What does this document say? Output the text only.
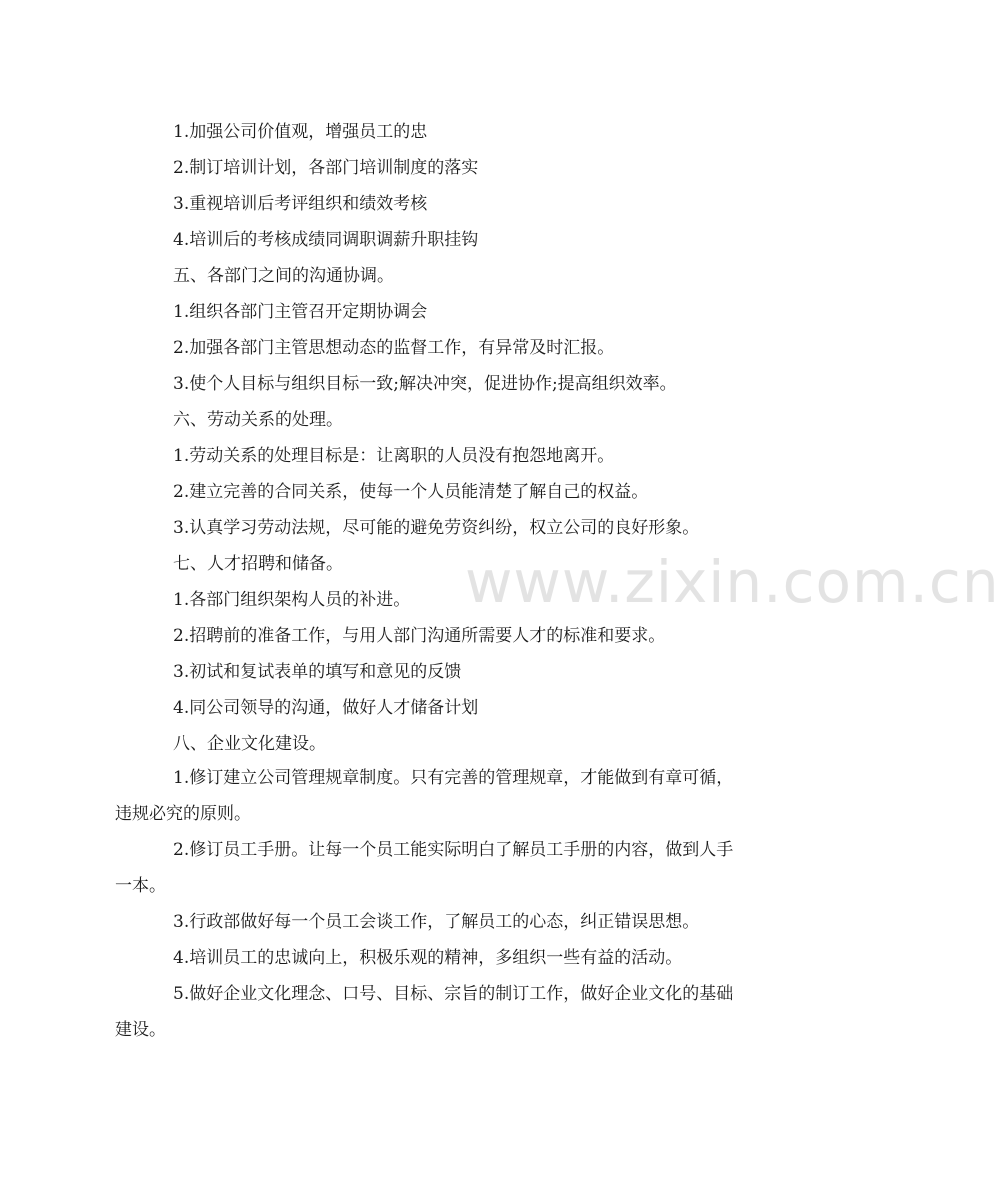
1.加强公司价值观，增强员工的忠
2.制订培训计划，各部门培训制度的落实
3.重视培训后考评组织和绩效考核
4.培训后的考核成绩同调职调薪升职挂钩
五、各部门之间的沟通协调。
1.组织各部门主管召开定期协调会
2.加强各部门主管思想动态的监督工作，有异常及时汇报。
3.使个人目标与组织目标一致;解决冲突，促进协作;提高组织效率。
六、劳动关系的处理。
1.劳动关系的处理目标是：让离职的人员没有抱怨地离开。
2.建立完善的合同关系，使每一个人员能清楚了解自己的权益。
3.认真学习劳动法规，尽可能的避免劳资纠纷，权立公司的良好形象。
七、人才招聘和储备。
1.各部门组织架构人员的补进。
2.招聘前的准备工作，与用人部门沟通所需要人才的标准和要求。
3.初试和复试表单的填写和意见的反馈
4.同公司领导的沟通，做好人才储备计划
八、企业文化建设。
1.修订建立公司管理规章制度。只有完善的管理规章，才能做到有章可循，违规必究的原则。
2.修订员工手册。让每一个员工能实际明白了解员工手册的内容，做到人手一本。
3.行政部做好每一个员工会谈工作，了解员工的心态，纠正错误思想。
4.培训员工的忠诚向上，积极乐观的精神，多组织一些有益的活动。
5.做好企业文化理念、口号、目标、宗旨的制订工作，做好企业文化的基础建设。
www.zixin.com.cn
